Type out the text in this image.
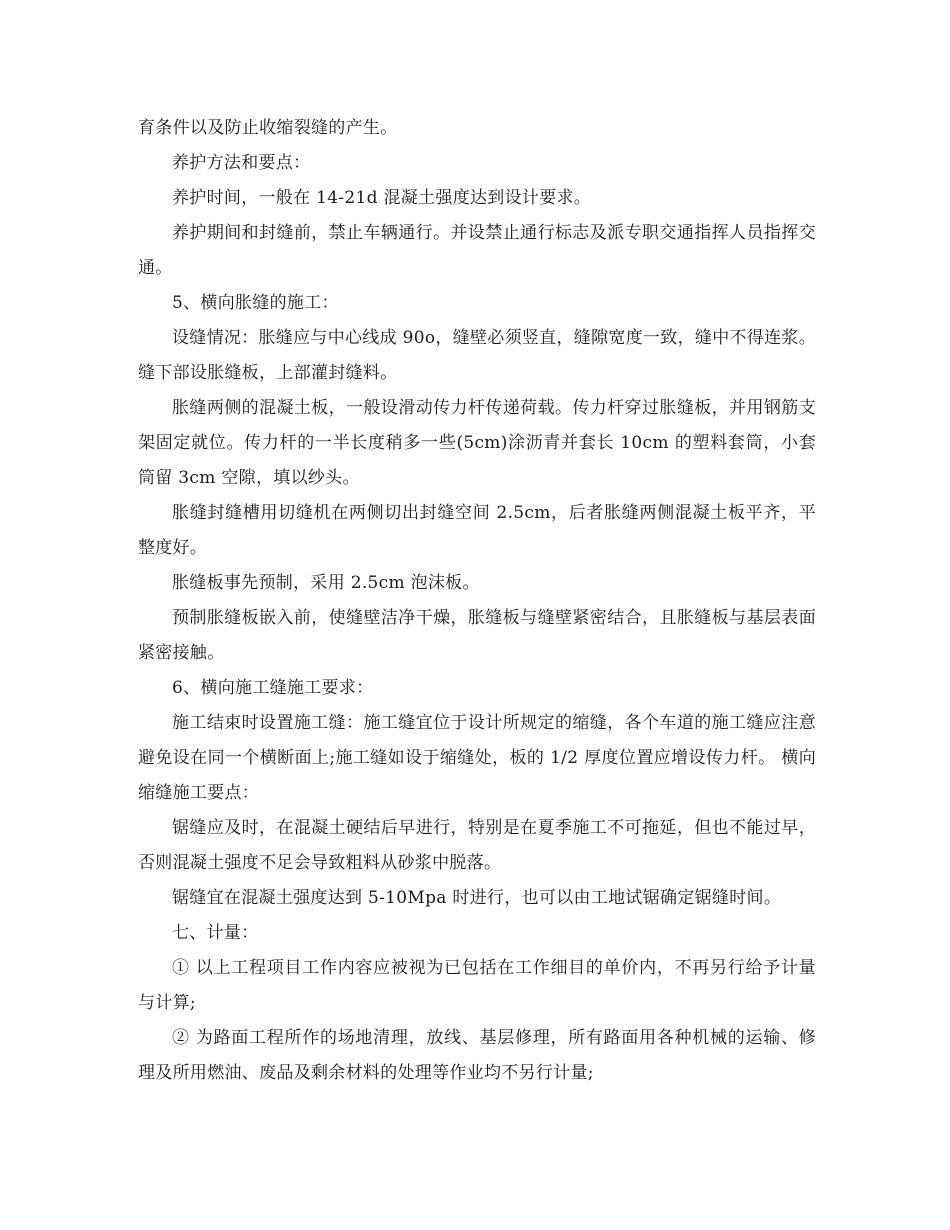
育条件以及防止收缩裂缝的产生。

养护方法和要点：

养护时间，一般在 14-21d 混凝土强度达到设计要求。

养护期间和封缝前，禁止车辆通行。并设禁止通行标志及派专职交通指挥人员指挥交通。

5、横向胀缝的施工：

设缝情况：胀缝应与中心线成 90o，缝壁必须竖直，缝隙宽度一致，缝中不得连浆。缝下部设胀缝板，上部灌封缝料。

胀缝两侧的混凝土板，一般设滑动传力杆传递荷载。传力杆穿过胀缝板，并用钢筋支架固定就位。传力杆的一半长度稍多一些(5cm)涂沥青并套长 10cm 的塑料套筒，小套筒留 3cm 空隙，填以纱头。

胀缝封缝槽用切缝机在两侧切出封缝空间 2.5cm，后者胀缝两侧混凝土板平齐，平整度好。

胀缝板事先预制，采用 2.5cm 泡沫板。

预制胀缝板嵌入前，使缝壁洁净干燥，胀缝板与缝壁紧密结合，且胀缝板与基层表面紧密接触。

6、横向施工缝施工要求：

施工结束时设置施工缝：施工缝宜位于设计所规定的缩缝，各个车道的施工缝应注意避免设在同一个横断面上;施工缝如设于缩缝处，板的 1/2 厚度位置应增设传力杆。 横向缩缝施工要点：

锯缝应及时，在混凝土硬结后早进行，特别是在夏季施工不可拖延，但也不能过早，否则混凝土强度不足会导致粗料从砂浆中脱落。

锯缝宜在混凝土强度达到 5-10Mpa 时进行，也可以由工地试锯确定锯缝时间。

七、计量：

① 以上工程项目工作内容应被视为已包括在工作细目的单价内，不再另行给予计量与计算;

② 为路面工程所作的场地清理，放线、基层修理，所有路面用各种机械的运输、修理及所用燃油、废品及剩余材料的处理等作业均不另行计量;
